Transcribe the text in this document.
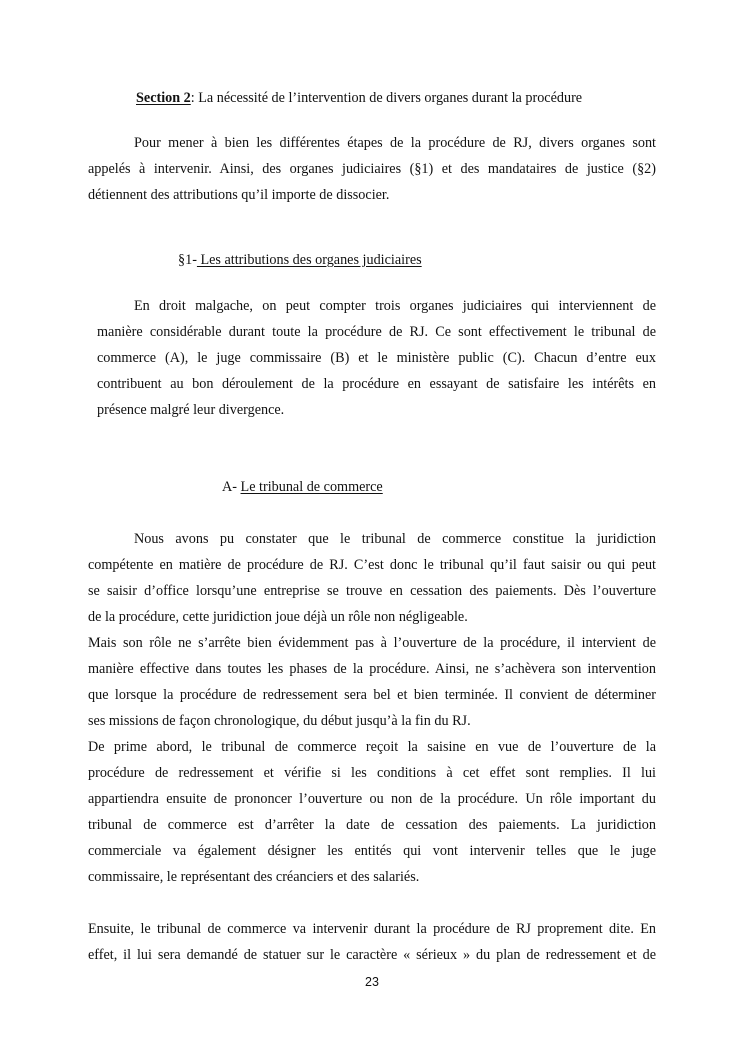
Section 2: La nécessité de l’intervention de divers organes durant la procédure
Pour mener à bien les différentes étapes de la procédure de RJ, divers organes sont
appelés à intervenir. Ainsi, des organes judiciaires (§1) et des mandataires de justice (§2)
détiennent des attributions qu’il importe de dissocier.
§1- Les attributions des organes judiciaires
En droit malgache, on peut compter trois organes judiciaires qui interviennent de
manière considérable durant toute la procédure de RJ. Ce sont effectivement le tribunal de
commerce (A), le juge commissaire (B) et le ministère public (C). Chacun d’entre eux
contribuent au bon déroulement de la procédure en essayant de satisfaire les intérêts en
présence malgré leur divergence.
A- Le tribunal de commerce
Nous avons pu constater que le tribunal de commerce constitue la juridiction
compétente en matière de procédure de RJ. C’est donc le tribunal qu’il faut saisir ou qui peut
se saisir d’office lorsqu’une entreprise se trouve en cessation des paiements. Dès l’ouverture
de la procédure, cette juridiction joue déjà un rôle non négligeable.
Mais son rôle ne s’arrête bien évidemment pas à l’ouverture de la procédure, il intervient de
manière effective dans toutes les phases de la procédure. Ainsi, ne s’achèvera son intervention
que lorsque la procédure de redressement sera bel et bien terminée. Il convient de déterminer
ses missions de façon chronologique, du début jusqu’à la fin du RJ.
De prime abord, le tribunal de commerce reçoit la saisine en vue de l’ouverture de la
procédure de redressement et vérifie si les conditions à cet effet sont remplies. Il lui
appartiendra ensuite de prononcer l’ouverture ou non de la procédure. Un rôle important du
tribunal de commerce est d’arrêter la date de cessation des paiements. La juridiction
commerciale va également désigner les entités qui vont intervenir telles que le juge
commissaire, le représentant des créanciers et des salariés.
Ensuite, le tribunal de commerce va intervenir durant la procédure de RJ proprement dite. En
effet, il lui sera demandé de statuer sur le caractère « sérieux » du plan de redressement et de
23
